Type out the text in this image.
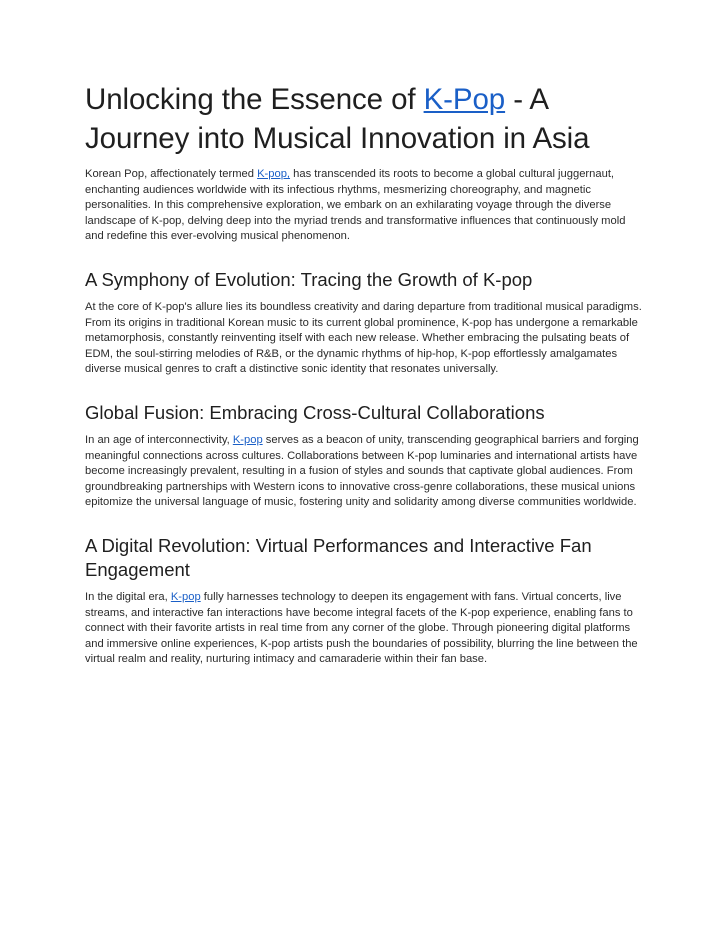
Unlocking the Essence of K-Pop - A Journey into Musical Innovation in Asia

Korean Pop, affectionately termed K-pop, has transcended its roots to become a global cultural juggernaut, enchanting audiences worldwide with its infectious rhythms, mesmerizing choreography, and magnetic personalities. In this comprehensive exploration, we embark on an exhilarating voyage through the diverse landscape of K-pop, delving deep into the myriad trends and transformative influences that continuously mold and redefine this ever-evolving musical phenomenon.

A Symphony of Evolution: Tracing the Growth of K-pop

At the core of K-pop's allure lies its boundless creativity and daring departure from traditional musical paradigms. From its origins in traditional Korean music to its current global prominence, K-pop has undergone a remarkable metamorphosis, constantly reinventing itself with each new release. Whether embracing the pulsating beats of EDM, the soul-stirring melodies of R&B, or the dynamic rhythms of hip-hop, K-pop effortlessly amalgamates diverse musical genres to craft a distinctive sonic identity that resonates universally.

Global Fusion: Embracing Cross-Cultural Collaborations

In an age of interconnectivity, K-pop serves as a beacon of unity, transcending geographical barriers and forging meaningful connections across cultures. Collaborations between K-pop luminaries and international artists have become increasingly prevalent, resulting in a fusion of styles and sounds that captivate global audiences. From groundbreaking partnerships with Western icons to innovative cross-genre collaborations, these musical unions epitomize the universal language of music, fostering unity and solidarity among diverse communities worldwide.

A Digital Revolution: Virtual Performances and Interactive Fan Engagement

In the digital era, K-pop fully harnesses technology to deepen its engagement with fans. Virtual concerts, live streams, and interactive fan interactions have become integral facets of the K-pop experience, enabling fans to connect with their favorite artists in real time from any corner of the globe. Through pioneering digital platforms and immersive online experiences, K-pop artists push the boundaries of possibility, blurring the line between the virtual realm and reality, nurturing intimacy and camaraderie within their fan base.
